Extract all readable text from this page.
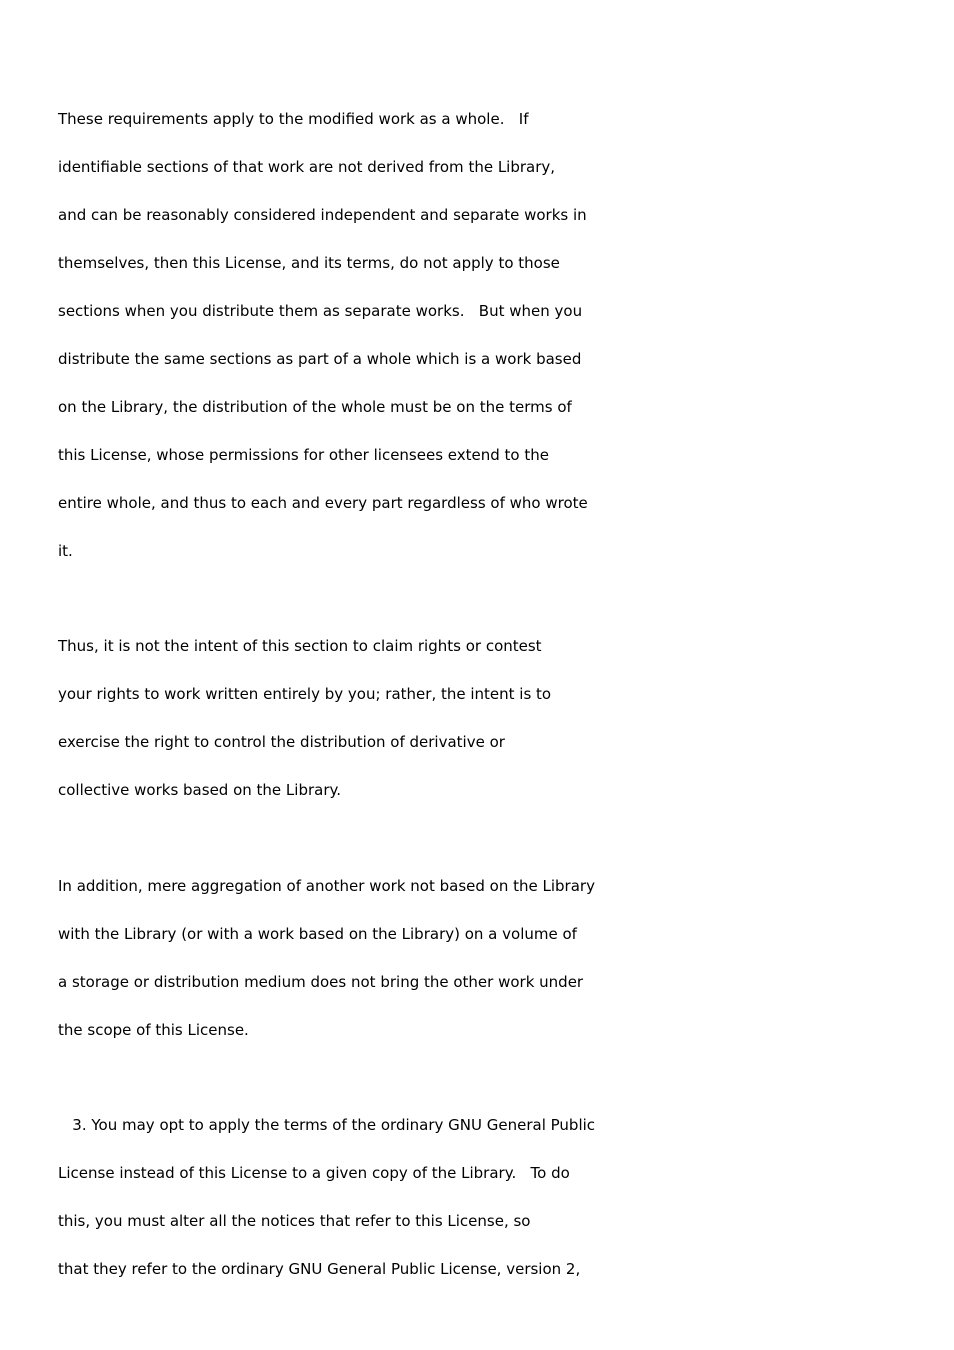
These requirements apply to the modified work as a whole.   If
identifiable sections of that work are not derived from the Library,
and can be reasonably considered independent and separate works in
themselves, then this License, and its terms, do not apply to those
sections when you distribute them as separate works.   But when you
distribute the same sections as part of a whole which is a work based
on the Library, the distribution of the whole must be on the terms of
this License, whose permissions for other licensees extend to the
entire whole, and thus to each and every part regardless of who wrote
it.
Thus, it is not the intent of this section to claim rights or contest
your rights to work written entirely by you; rather, the intent is to
exercise the right to control the distribution of derivative or
collective works based on the Library.
In addition, mere aggregation of another work not based on the Library
with the Library (or with a work based on the Library) on a volume of
a storage or distribution medium does not bring the other work under
the scope of this License.
3. You may opt to apply the terms of the ordinary GNU General Public
License instead of this License to a given copy of the Library.   To do
this, you must alter all the notices that refer to this License, so
that they refer to the ordinary GNU General Public License, version 2,
